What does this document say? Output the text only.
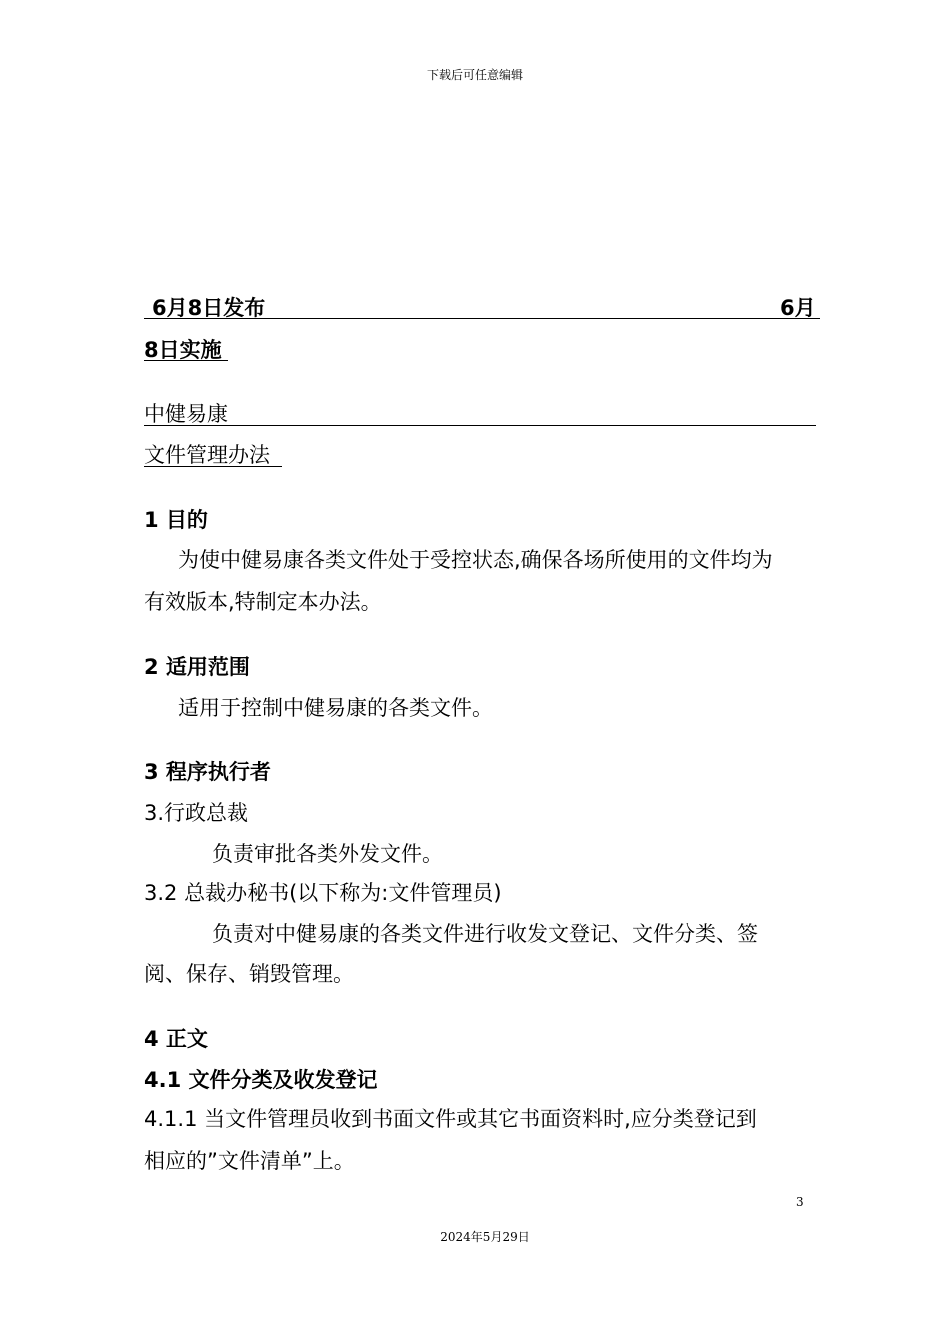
下载后可任意编辑
6月8日发布	6月
8日实施
中健易康
文件管理办法
1 目的
为使中健易康各类文件处于受控状态,确保各场所使用的文件均为
有效版本,特制定本办法。
2 适用范围
适用于控制中健易康的各类文件。
3 程序执行者
3.行政总裁
负责审批各类外发文件。
3.2 总裁办秘书(以下称为:文件管理员)
负责对中健易康的各类文件进行收发文登记、文件分类、签
阅、保存、销毁管理。
4 正文
4.1 文件分类及收发登记
4.1.1 当文件管理员收到书面文件或其它书面资料时,应分类登记到
相应的”文件清单”上。
3
2024年5月29日
